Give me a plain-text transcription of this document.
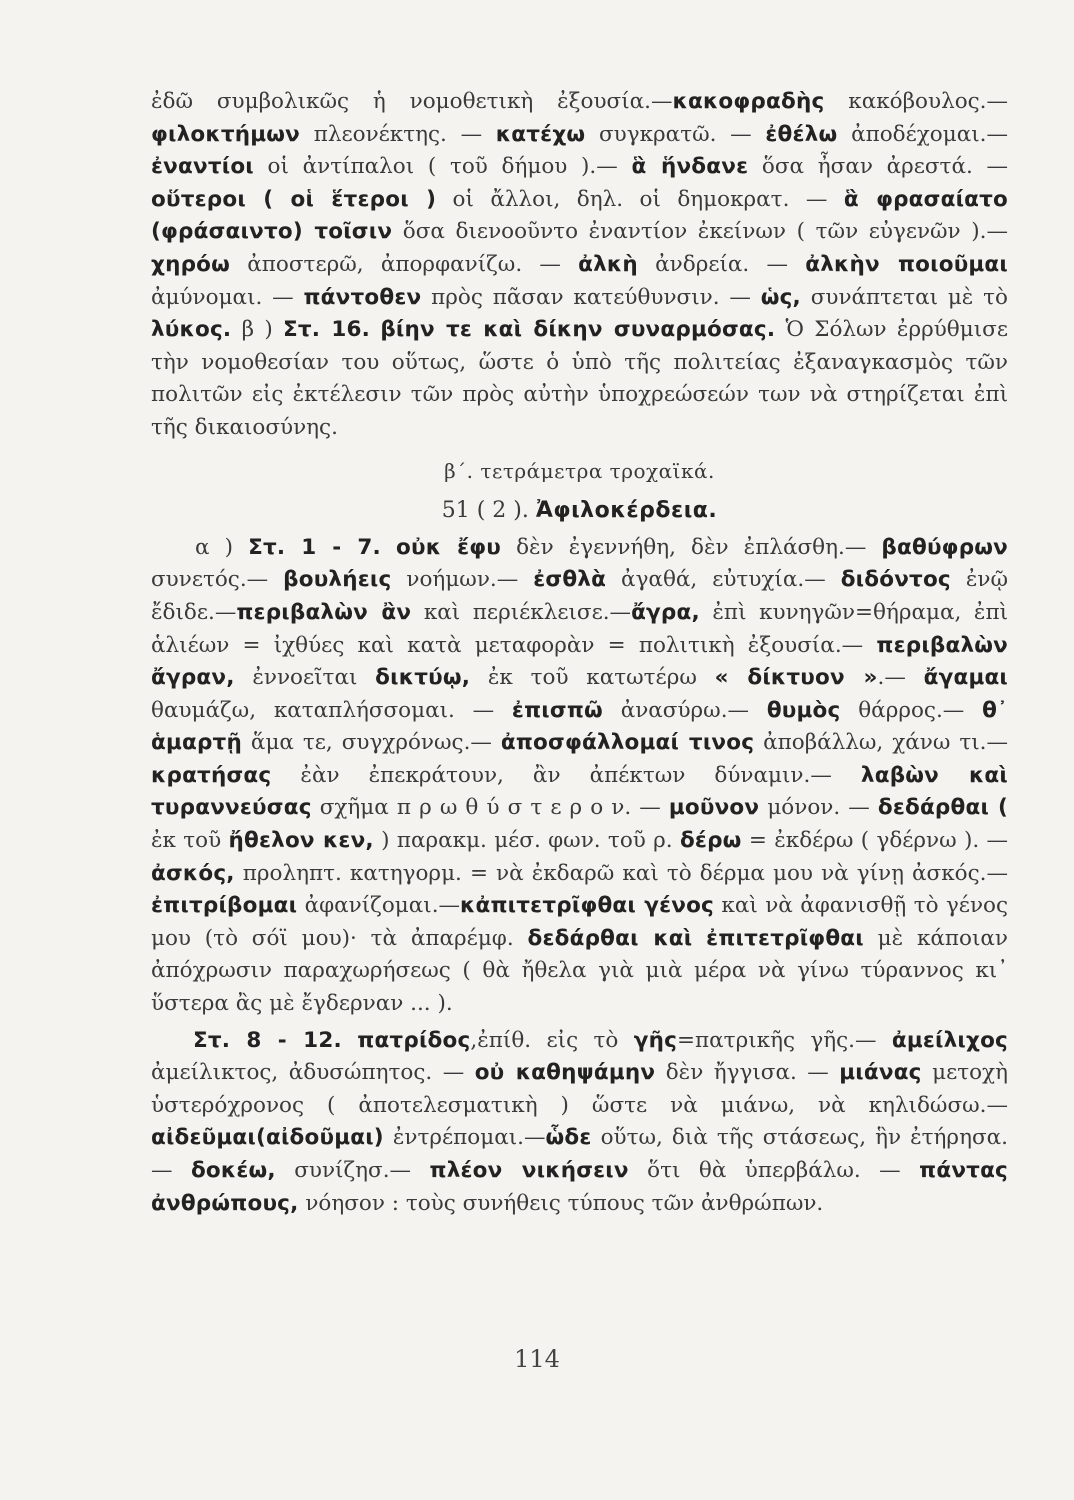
ἐδῶ συμβολικῶς ἡ νομοθετικὴ ἐξουσία.—κακοφραδὴς κακόβουλος.— φιλοκτήμων πλεονέκτης. — κατέχω συγκρατῶ. — ἐθέλω ἀποδέχομαι.— ἐναντίοι οἱ ἀντίπαλοι ( τοῦ δήμου ).— ἃ ἥνδανε ὅσα ἦσαν ἀρεστά. — οὕτεροι ( οἱ ἕτεροι ) οἱ ἄλλοι, δηλ. οἱ δημοκρατ. — ἃ φρασαίατο (φράσαιντο) τοῖσιν ὅσα διενοοῦντο ἐναντίον ἐκείνων ( τῶν εὐγενῶν ).— χηρόω ἀποστερῶ, ἀπορφανίζω. — ἀλκὴ ἀνδρεία. — ἀλκὴν ποιοῦμαι ἀμύνομαι. — πάντοθεν πρὸς πᾶσαν κατεύθυνσιν. — ὡς, συνάπτεται μὲ τὸ λύκος. β ) Στ. 16. βίην τε καὶ δίκην συναρμόσας. Ὁ Σόλων ἐρρύθμισε τὴν νομοθεσίαν του οὕτως, ὥστε ὁ ὑπὸ τῆς πολιτείας ἐξαναγκασμὸς τῶν πολιτῶν εἰς ἐκτέλεσιν τῶν πρὸς αὐτὴν ὑποχρεώσεών των νὰ στηρίζεται ἐπὶ τῆς δικαιοσύνης.

β΄. τετράμετρα τροχαϊκά.

51 ( 2 ). Ἀφιλοκέρδεια.

α ) Στ. 1 - 7. οὐκ ἔφυ δὲν ἐγεννήθη, δὲν ἐπλάσθη.— βαθύφρων συνετός.— βουλήεις νοήμων.— ἐσθλὰ ἀγαθά, εὐτυχία.— διδόντος ἐνῷ ἔδιδε.—περιβαλὼν ἂν καὶ περιέκλεισε.—ἄγρα, ἐπὶ κυνηγῶν=θήραμα, ἐπὶ ἁλιέων = ἰχθύες καὶ κατὰ μεταφορὰν = πολιτικὴ ἐξουσία.— περιβαλὼν ἄγραν, ἐννοεῖται δικτύῳ, ἐκ τοῦ κατωτέρω « δίκτυον ».— ἄγαμαι θαυμάζω, καταπλήσσομαι. — ἐπισπῶ ἀνασύρω.— θυμὸς θάρρος.— θ᾽ ἁμαρτῇ ἅμα τε, συγχρόνως.— ἀποσφάλλομαί τινος ἀποβάλλω, χάνω τι.— κρατήσας ἐὰν ἐπεκράτουν, ἂν ἀπέκτων δύναμιν.— λαβὼν καὶ τυραννεύσας σχῆμα π ρ ω θ ύ σ τ ε ρ ο ν. — μοῦνον μόνον. — δεδάρθαι ( ἐκ τοῦ ἤθελον κεν, ) παρακμ. μέσ. φων. τοῦ ρ. δέρω = ἐκδέρω ( γδέρνω ). — ἀσκός, προληπτ. κατηγορμ. = νὰ ἐκδαρῶ καὶ τὸ δέρμα μου νὰ γίνῃ ἀσκός.—ἐπιτρίβομαι ἀφανίζομαι.—κἀπιτετρῖφθαι γένος καὶ νὰ ἀφανισθῇ τὸ γένος μου (τὸ σόϊ μου)· τὰ ἀπαρέμφ. δεδάρθαι καὶ ἐπιτετρῖφθαι μὲ κάποιαν ἀπόχρωσιν παραχωρήσεως ( θὰ ἤθελα γιὰ μιὰ μέρα νὰ γίνω τύραννος κι᾽ ὕστερα ἂς μὲ ἔγδερναν ... ).

Στ. 8 - 12. πατρίδος,ἐπίθ. εἰς τὸ γῆς=πατρικῆς γῆς.— ἀμείλιχος ἀμείλικτος, ἀδυσώπητος. — οὐ καθηψάμην δὲν ἤγγισα. — μιάνας μετοχὴ ὑστερόχρονος ( ἀποτελεσματικὴ ) ὥστε νὰ μιάνω, νὰ κηλιδώσω.— αἰδεῦμαι(αἰδοῦμαι) ἐντρέπομαι.—ὧδε οὕτω, διὰ τῆς στάσεως, ἣν ἐτήρησα. — δοκέω, συνίζησ.— πλέον νικήσειν ὅτι θὰ ὑπερβάλω. — πάντας ἀνθρώπους, νόησον : τοὺς συνήθεις τύπους τῶν ἀνθρώπων.

114
